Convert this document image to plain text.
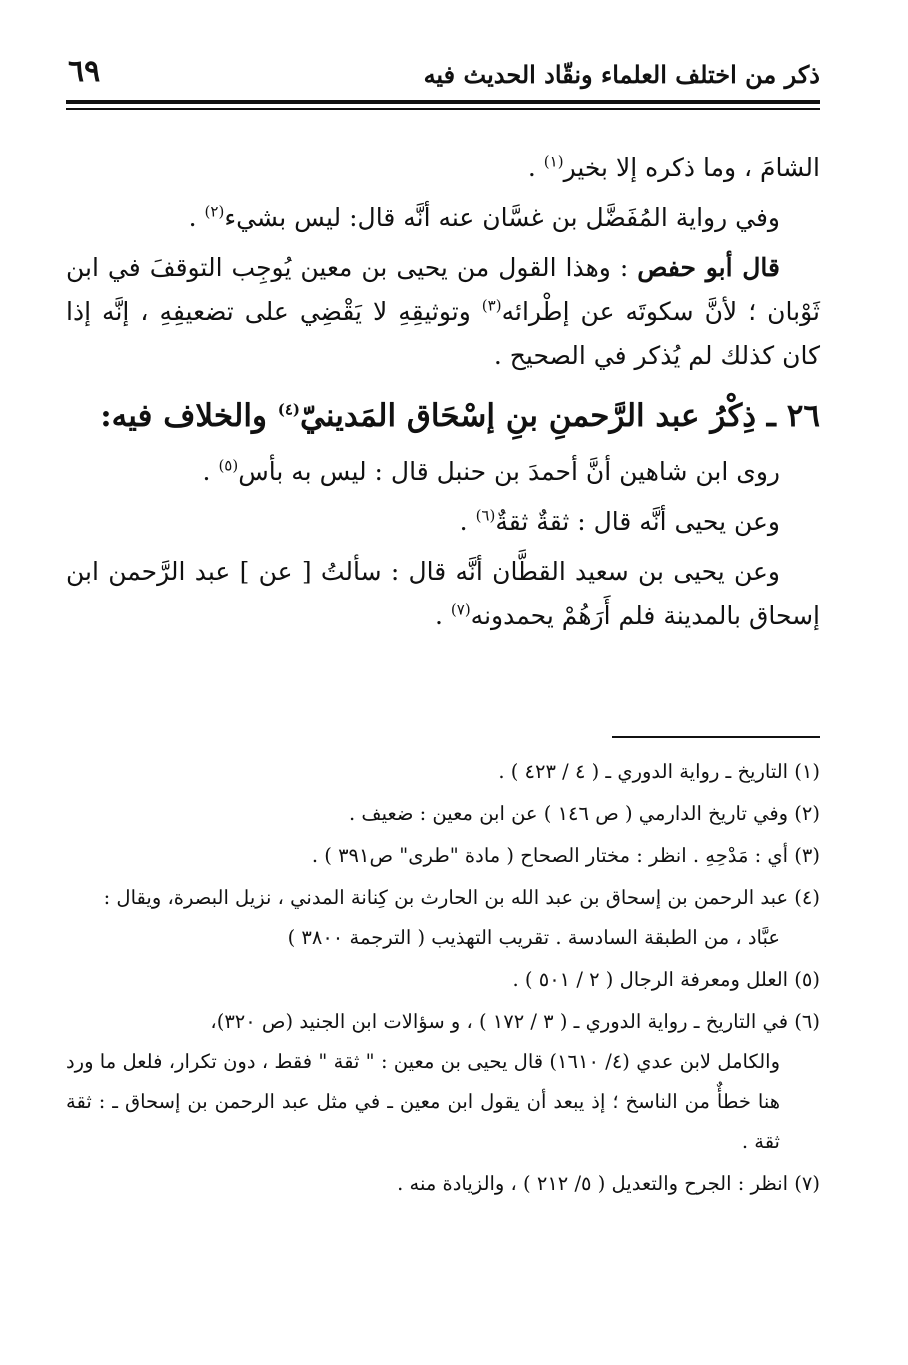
ذكر من اختلف العلماء ونقّاد الحديث فيه
٦٩

الشامَ ، وما ذكره إلا بخير$^{(١)}$ .

وفي رواية المُفَضَّل بن غسَّان عنه أنَّه قال: ليس بشيء$^{(٢)}$ .

قال أبو حفص : وهذا القول من يحيى بن معين يُوجِب التوقفَ في ابن ثَوْبان ؛ لأنَّ سكوتَه عن إطْرائه$^{(٣)}$ وتوثيقِهِ لا يَقْضِي على تضعيفِهِ ، إنَّه إذا كان كذلك لم يُذكر في الصحيح .

٢٦ ـ ذِكْرُ عبد الرَّحمنِ بنِ إسْحَاق المَدينيّ$^{(٤)}$ والخلاف فيه:

روى ابن شاهين أنَّ أحمدَ بن حنبل قال : ليس به بأس$^{(٥)}$ .

وعن يحيى أنَّه قال : ثقةٌ ثقةٌ$^{(٦)}$ .

وعن يحيى بن سعيد القطَّان أنَّه قال : سألتُ [ عن ] عبد الرَّحمن ابن إسحاق بالمدينة فلم أَرَهُمْ يحمدونه$^{(٧)}$ .

(١) التاريخ ـ رواية الدوري ـ ( ٤ / ٤٢٣ ) .

(٢) وفي تاريخ الدارمي ( ص ١٤٦ ) عن ابن معين : ضعيف .

(٣) أي : مَدْحِهِ . انظر : مختار الصحاح ( مادة "طرى" ص٣٩١ ) .

(٤) عبد الرحمن بن إسحاق بن عبد الله بن الحارث بن كِنانة المدني ، نزيل البصرة، ويقال :
عبَّاد ، من الطبقة السادسة . تقريب التهذيب ( الترجمة ٣٨٠٠ )

(٥) العلل ومعرفة الرجال ( ٢ / ٥٠١ ) .

(٦) في التاريخ ـ رواية الدوري ـ ( ٣ / ١٧٢ ) ، و سؤالات ابن الجنيد (ص ٣٢٠)،
والكامل لابن عدي (٤/ ١٦١٠) قال يحيى بن معين : " ثقة " فقط ، دون تكرار، فلعل ما ورد هنا خطأٌ من الناسخ ؛ إذ يبعد أن يقول ابن معين ـ في مثل عبد الرحمن بن إسحاق ـ : ثقة ثقة .

(٧) انظر : الجرح والتعديل ( ٥/ ٢١٢ ) ، والزيادة منه .
